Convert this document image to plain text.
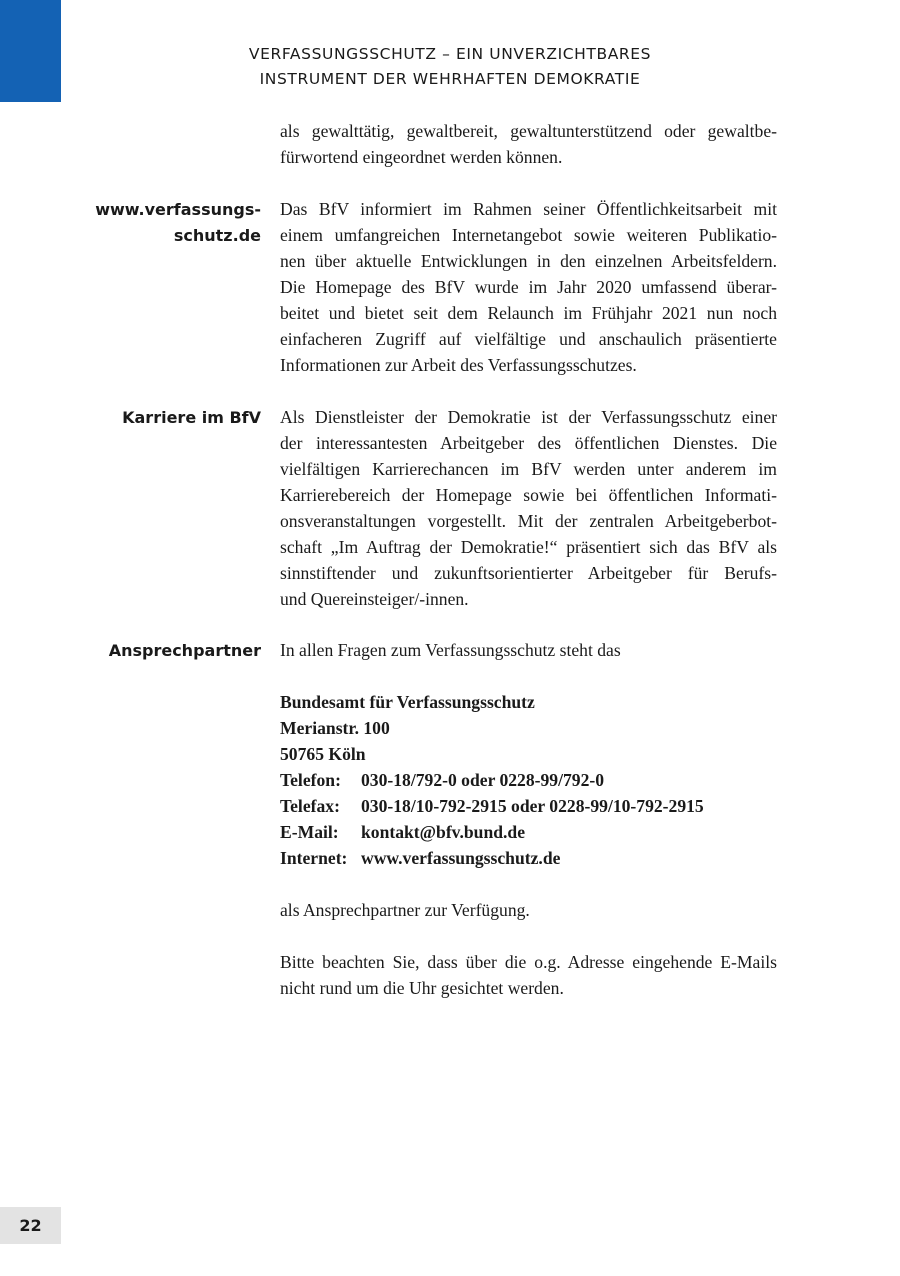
VERFASSUNGSSCHUTZ – EIN UNVERZICHTBARES
INSTRUMENT DER WEHRHAFTEN DEMOKRATIE

als gewalttätig, gewaltbereit, gewaltunterstützend oder gewaltbe-
fürwortend eingeordnet werden können.

www.verfassungs-
schutz.de

Das BfV informiert im Rahmen seiner Öffentlichkeitsarbeit mit
einem umfangreichen Internetangebot sowie weiteren Publikatio-
nen über aktuelle Entwicklungen in den einzelnen Arbeitsfeldern.
Die Homepage des BfV wurde im Jahr 2020 umfassend überar-
beitet und bietet seit dem Relaunch im Frühjahr 2021 nun noch
einfacheren Zugriff auf vielfältige und anschaulich präsentierte
Informationen zur Arbeit des Verfassungsschutzes.

Karriere im BfV Als Dienstleister der Demokratie ist der Verfassungsschutz einer
der interessantesten Arbeitgeber des öffentlichen Dienstes. Die
vielfältigen Karrierechancen im BfV werden unter anderem im
Karrierebereich der Homepage sowie bei öffentlichen Informati-
onsveranstaltungen vorgestellt. Mit der zentralen Arbeitgeberbot-
schaft „Im Auftrag der Demokratie!“ präsentiert sich das BfV als
sinnstiftender und zukunftsorientierter Arbeitgeber für Berufs-
und Quereinsteiger/-innen.

Ansprechpartner In allen Fragen zum Verfassungsschutz steht das

Bundesamt für Verfassungsschutz
Merianstr. 100
50765 Köln
Telefon: 030-18/792-0 oder 0228-99/792-0
Telefax: 030-18/10-792-2915 oder 0228-99/10-792-2915
E-Mail: kontakt@bfv.bund.de
Internet: www.verfassungsschutz.de

als Ansprechpartner zur Verfügung.

Bitte beachten Sie, dass über die o.g. Adresse eingehende E-Mails
nicht rund um die Uhr gesichtet werden.

22
